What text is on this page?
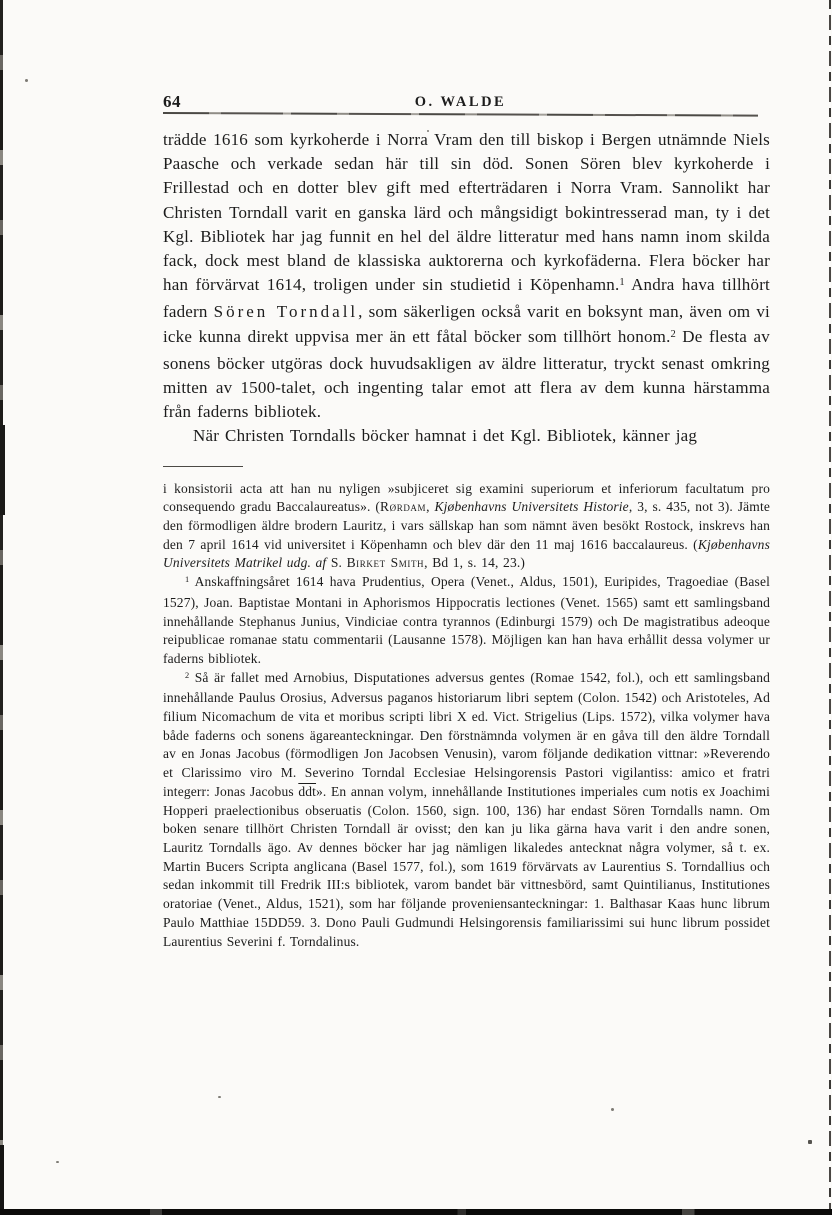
64	O. WALDE

trädde 1616 som kyrkoherde i Norra Vram den till biskop i Bergen utnämnde Niels Paasche och verkade sedan här till sin död. Sonen Sören blev kyrkoherde i Frillestad och en dotter blev gift med efterträdaren i Norra Vram. Sannolikt har Christen Torndall varit en ganska lärd och mångsidigt bokintresserad man, ty i det Kgl. Bibliotek har jag funnit en hel del äldre litteratur med hans namn inom skilda fack, dock mest bland de klassiska auktorerna och kyrkofäderna. Flera böcker har han förvärvat 1614, troligen under sin studietid i Köpenhamn.$^1$ Andra hava tillhört fadern Sören Torndall, som säkerligen också varit en boksynt man, även om vi icke kunna direkt uppvisa mer än ett fåtal böcker som tillhört honom.$^2$ De flesta av sonens böcker utgöras dock huvudsakligen av äldre litteratur, tryckt senast omkring mitten av 1500-talet, och ingenting talar emot att flera av dem kunna härstamma från faderns bibliotek.

När Christen Torndalls böcker hamnat i det Kgl. Bibliotek, känner jag

i konsistorii acta att han nu nyligen »subjiceret sig examini superiorum et inferiorum facultatum pro consequendo gradu Baccalaureatus». (Rørdam, Kjøbenhavns Universitets Historie, 3, s. 435, not 3). Jämte den förmodligen äldre brodern Lauritz, i vars sällskap han som nämnt även besökt Rostock, inskrevs han den 7 april 1614 vid universitet i Köpenhamn och blev där den 11 maj 1616 baccalaureus. (Kjøbenhavns Universitets Matrikel udg. af S. Birket Smith, Bd 1, s. 14, 23.)

$^1$ Anskaffningsåret 1614 hava Prudentius, Opera (Venet., Aldus, 1501), Euripides, Tragoediae (Basel 1527), Joan. Baptistae Montani in Aphorismos Hippocratis lectiones (Venet. 1565) samt ett samlingsband innehållande Stephanus Junius, Vindiciae contra tyrannos (Edinburgi 1579) och De magistratibus adeoque reipublicae romanae statu commentarii (Lausanne 1578). Möjligen kan han hava erhållit dessa volymer ur faderns bibliotek.

$^2$ Så är fallet med Arnobius, Disputationes adversus gentes (Romae 1542, fol.), och ett samlingsband innehållande Paulus Orosius, Adversus paganos historiarum libri septem (Colon. 1542) och Aristoteles, Ad filium Nicomachum de vita et moribus scripti libri X ed. Vict. Strigelius (Lips. 1572), vilka volymer hava både faderns och sonens ägareanteckningar. Den förstnämnda volymen är en gåva till den äldre Torndall av en Jonas Jacobus (förmodligen Jon Jacobsen Venusin), varom följande dedikation vittnar: »Reverendo et Clarissimo viro M. Severino Torndal Ecclesiae Helsingorensis Pastori vigilantiss: amico et fratri integerr: Jonas Jacobus $\overline{ddt}$». En annan volym, innehållande Institutiones imperiales cum notis ex Joachimi Hopperi praelectionibus obseruatis (Colon. 1560, sign. 100, 136) har endast Sören Torndalls namn. Om boken senare tillhört Christen Torndall är ovisst; den kan ju lika gärna hava varit i den andre sonen, Lauritz Torndalls ägo. Av dennes böcker har jag nämligen likaledes antecknat några volymer, så t. ex. Martin Bucers Scripta anglicana (Basel 1577, fol.), som 1619 förvärvats av Laurentius S. Torndallius och sedan inkommit till Fredrik III:s bibliotek, varom bandet bär vittnesbörd, samt Quintilianus, Institutiones oratoriae (Venet., Aldus, 1521), som har följande proveniensanteckningar: 1. Balthasar Kaas hunc librum Paulo Matthiae 15DD59. 3. Dono Pauli Gudmundi Helsingorensis familiarissimi sui hunc librum possidet Laurentius Severini f. Torndalinus.
